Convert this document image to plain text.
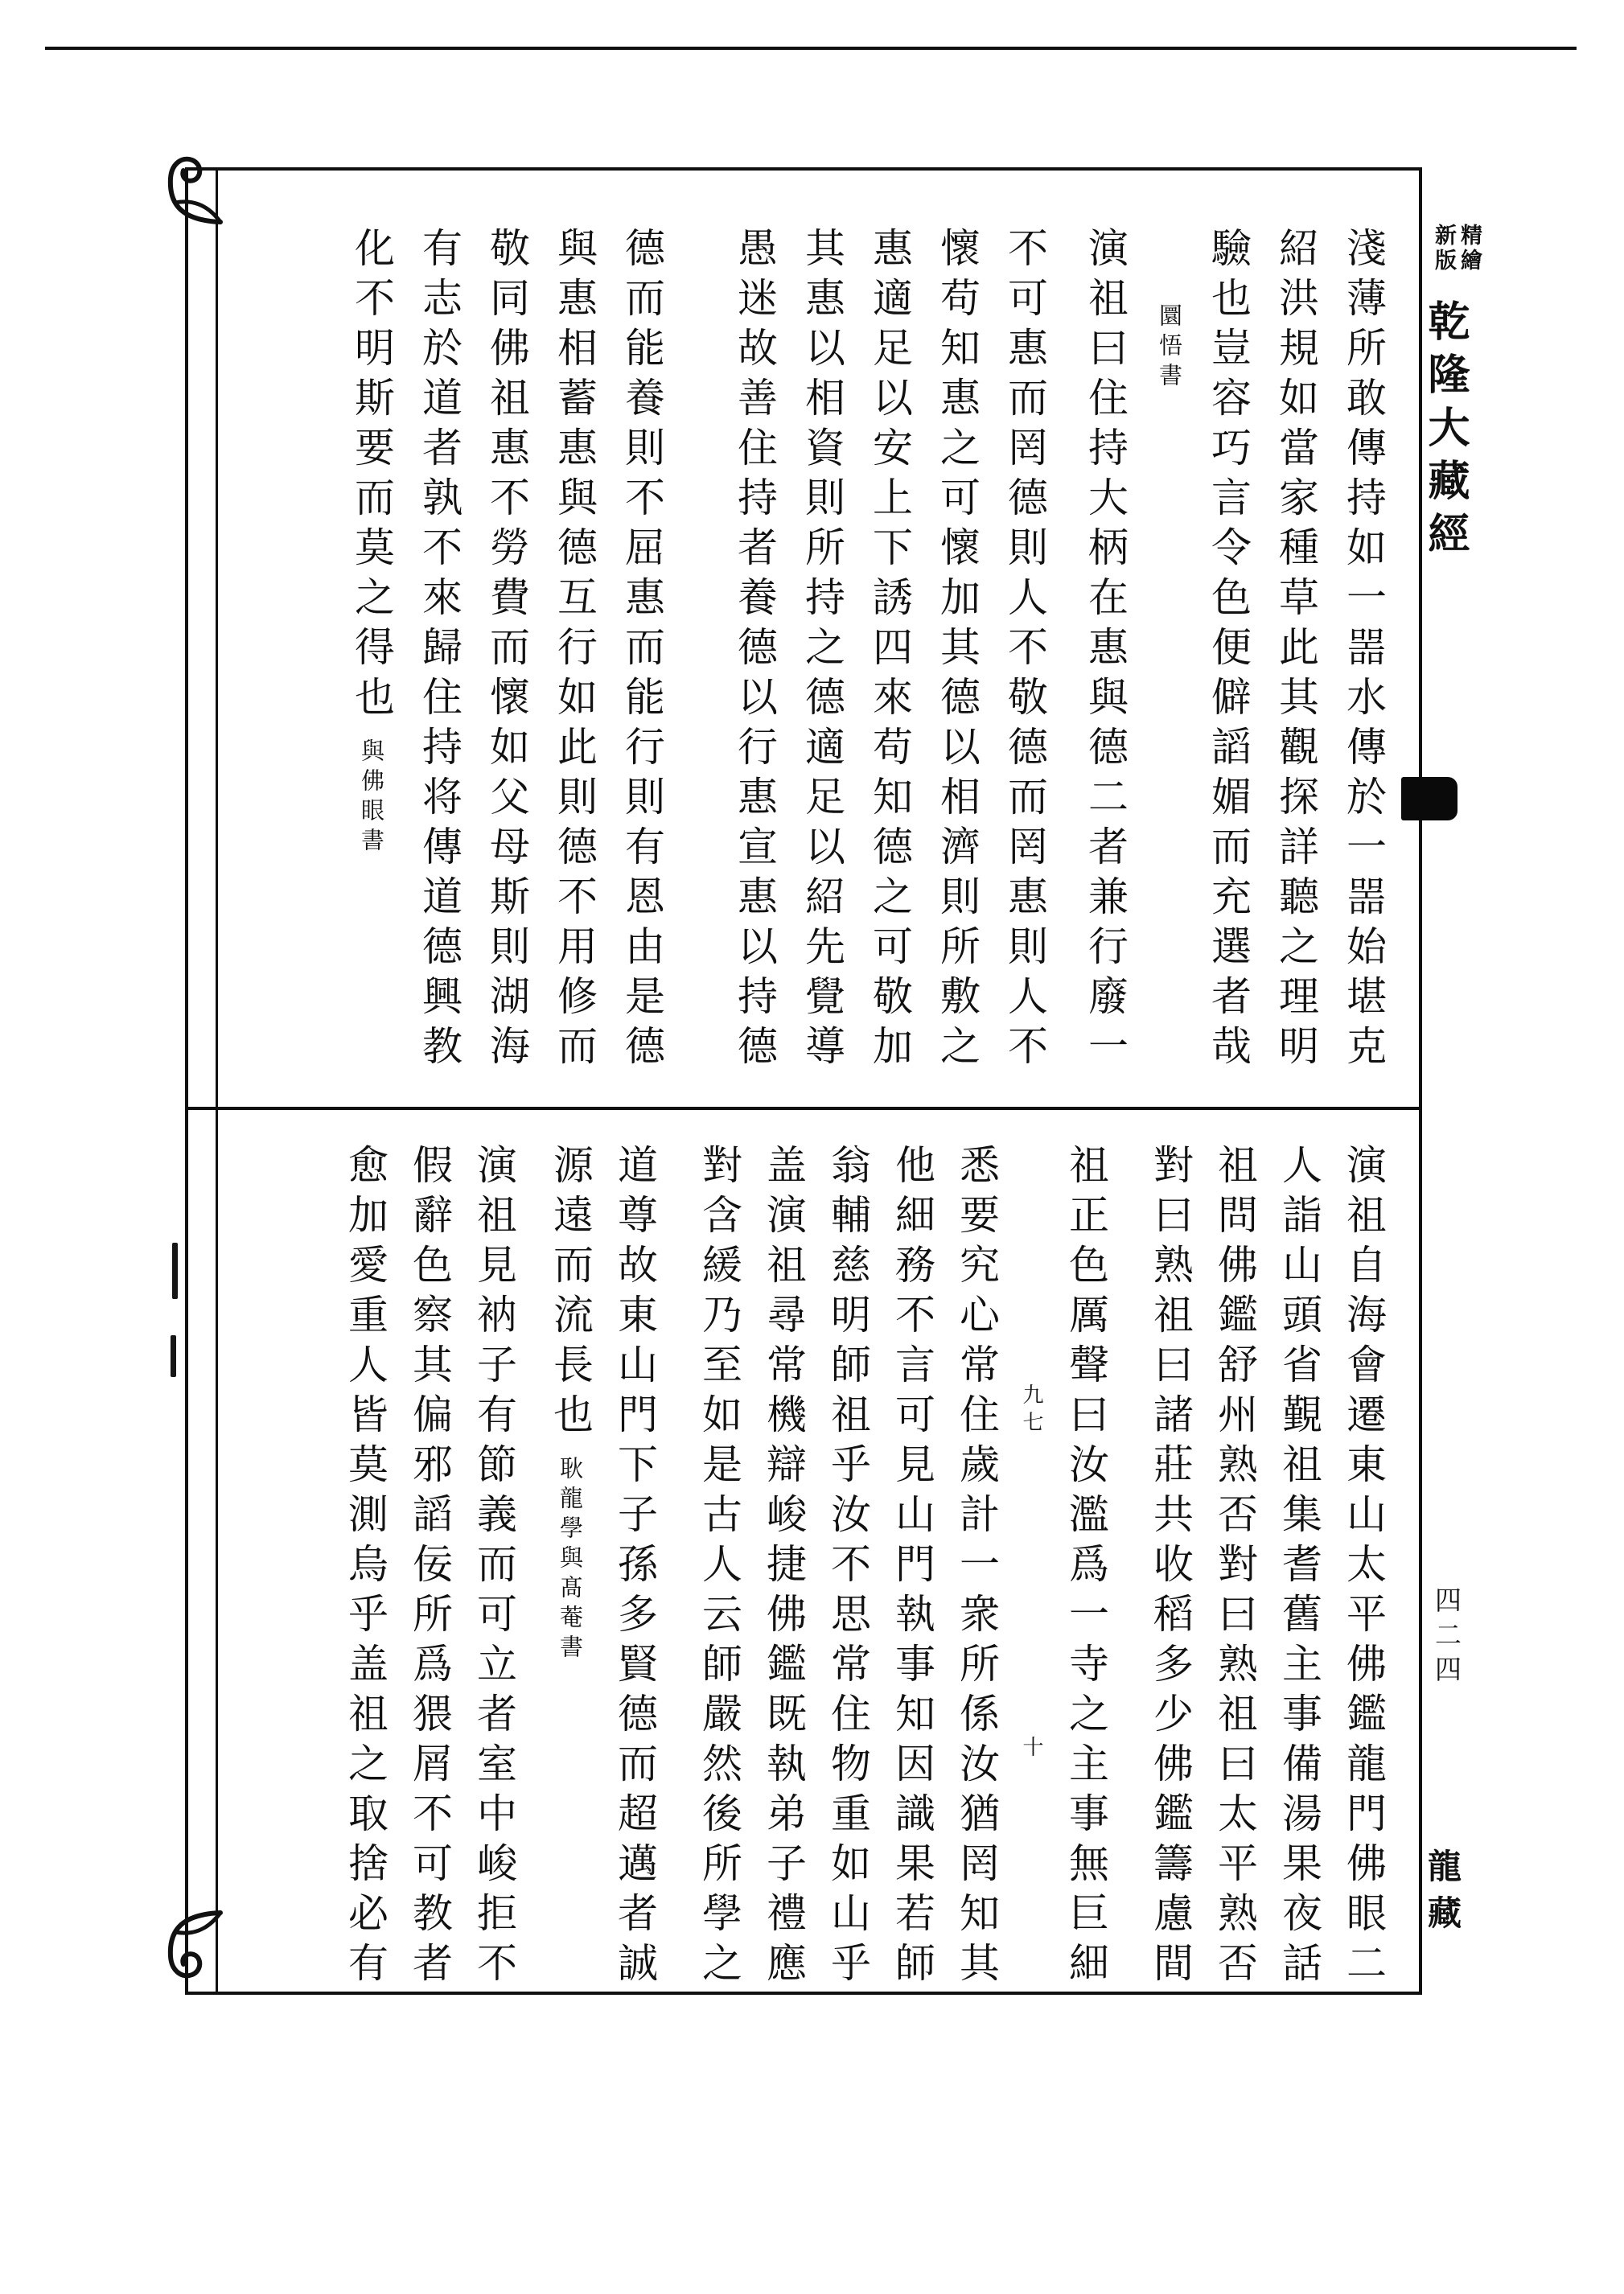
淺薄所敢傳持如一噐水傳於一噐始堪克
紹洪規如當家種草此其觀探詳聽之理明
驗也豈容巧言令色便僻謟媚而充選者哉
圜悟書
演祖曰住持大柄在惠與德二者兼行廢一
不可惠而罔德則人不敬德而罔惠則人不
懷苟知惠之可懷加其德以相濟則所敷之
惠適足以安上下誘四來苟知德之可敬加
其惠以相資則所持之德適足以紹先覺導
愚迷故善住持者養德以行惠宣惠以持德
德而能養則不屈惠而能行則有恩由是德
與惠相蓄惠與德互行如此則德不用修而
敬同佛祖惠不勞費而懷如父母斯則湖海
有志於道者孰不來歸住持将傳道德興教
化不明斯要而莫之得也與佛眼書
演祖自海會遷東山太平佛鑑龍門佛眼二
人詣山頭省覲祖集耆舊主事備湯果夜話
祖問佛鑑舒州熟否對曰熟祖曰太平熟否
對曰熟祖曰諸莊共收稻多少佛鑑籌慮間
祖正色厲聲曰汝濫爲一寺之主事無巨細
九七十
悉要究心常住歲計一衆所係汝猶罔知其
他細務不言可見山門執事知因識果若師
翁輔慈明師祖乎汝不思常住物重如山乎
盖演祖尋常機辯峻捷佛鑑既執弟子禮應
對含緩乃至如是古人云師嚴然後所學之
道尊故東山門下子孫多賢德而超邁者誠
源遠而流長也耿龍學與髙菴書
演祖見衲子有節義而可立者室中峻拒不
假辭色察其偏邪謟佞所爲猥屑不可教者
愈加愛重人皆莫測烏乎盖祖之取捨必有
精繪
新版
乾隆大藏經
四二四
龍藏
